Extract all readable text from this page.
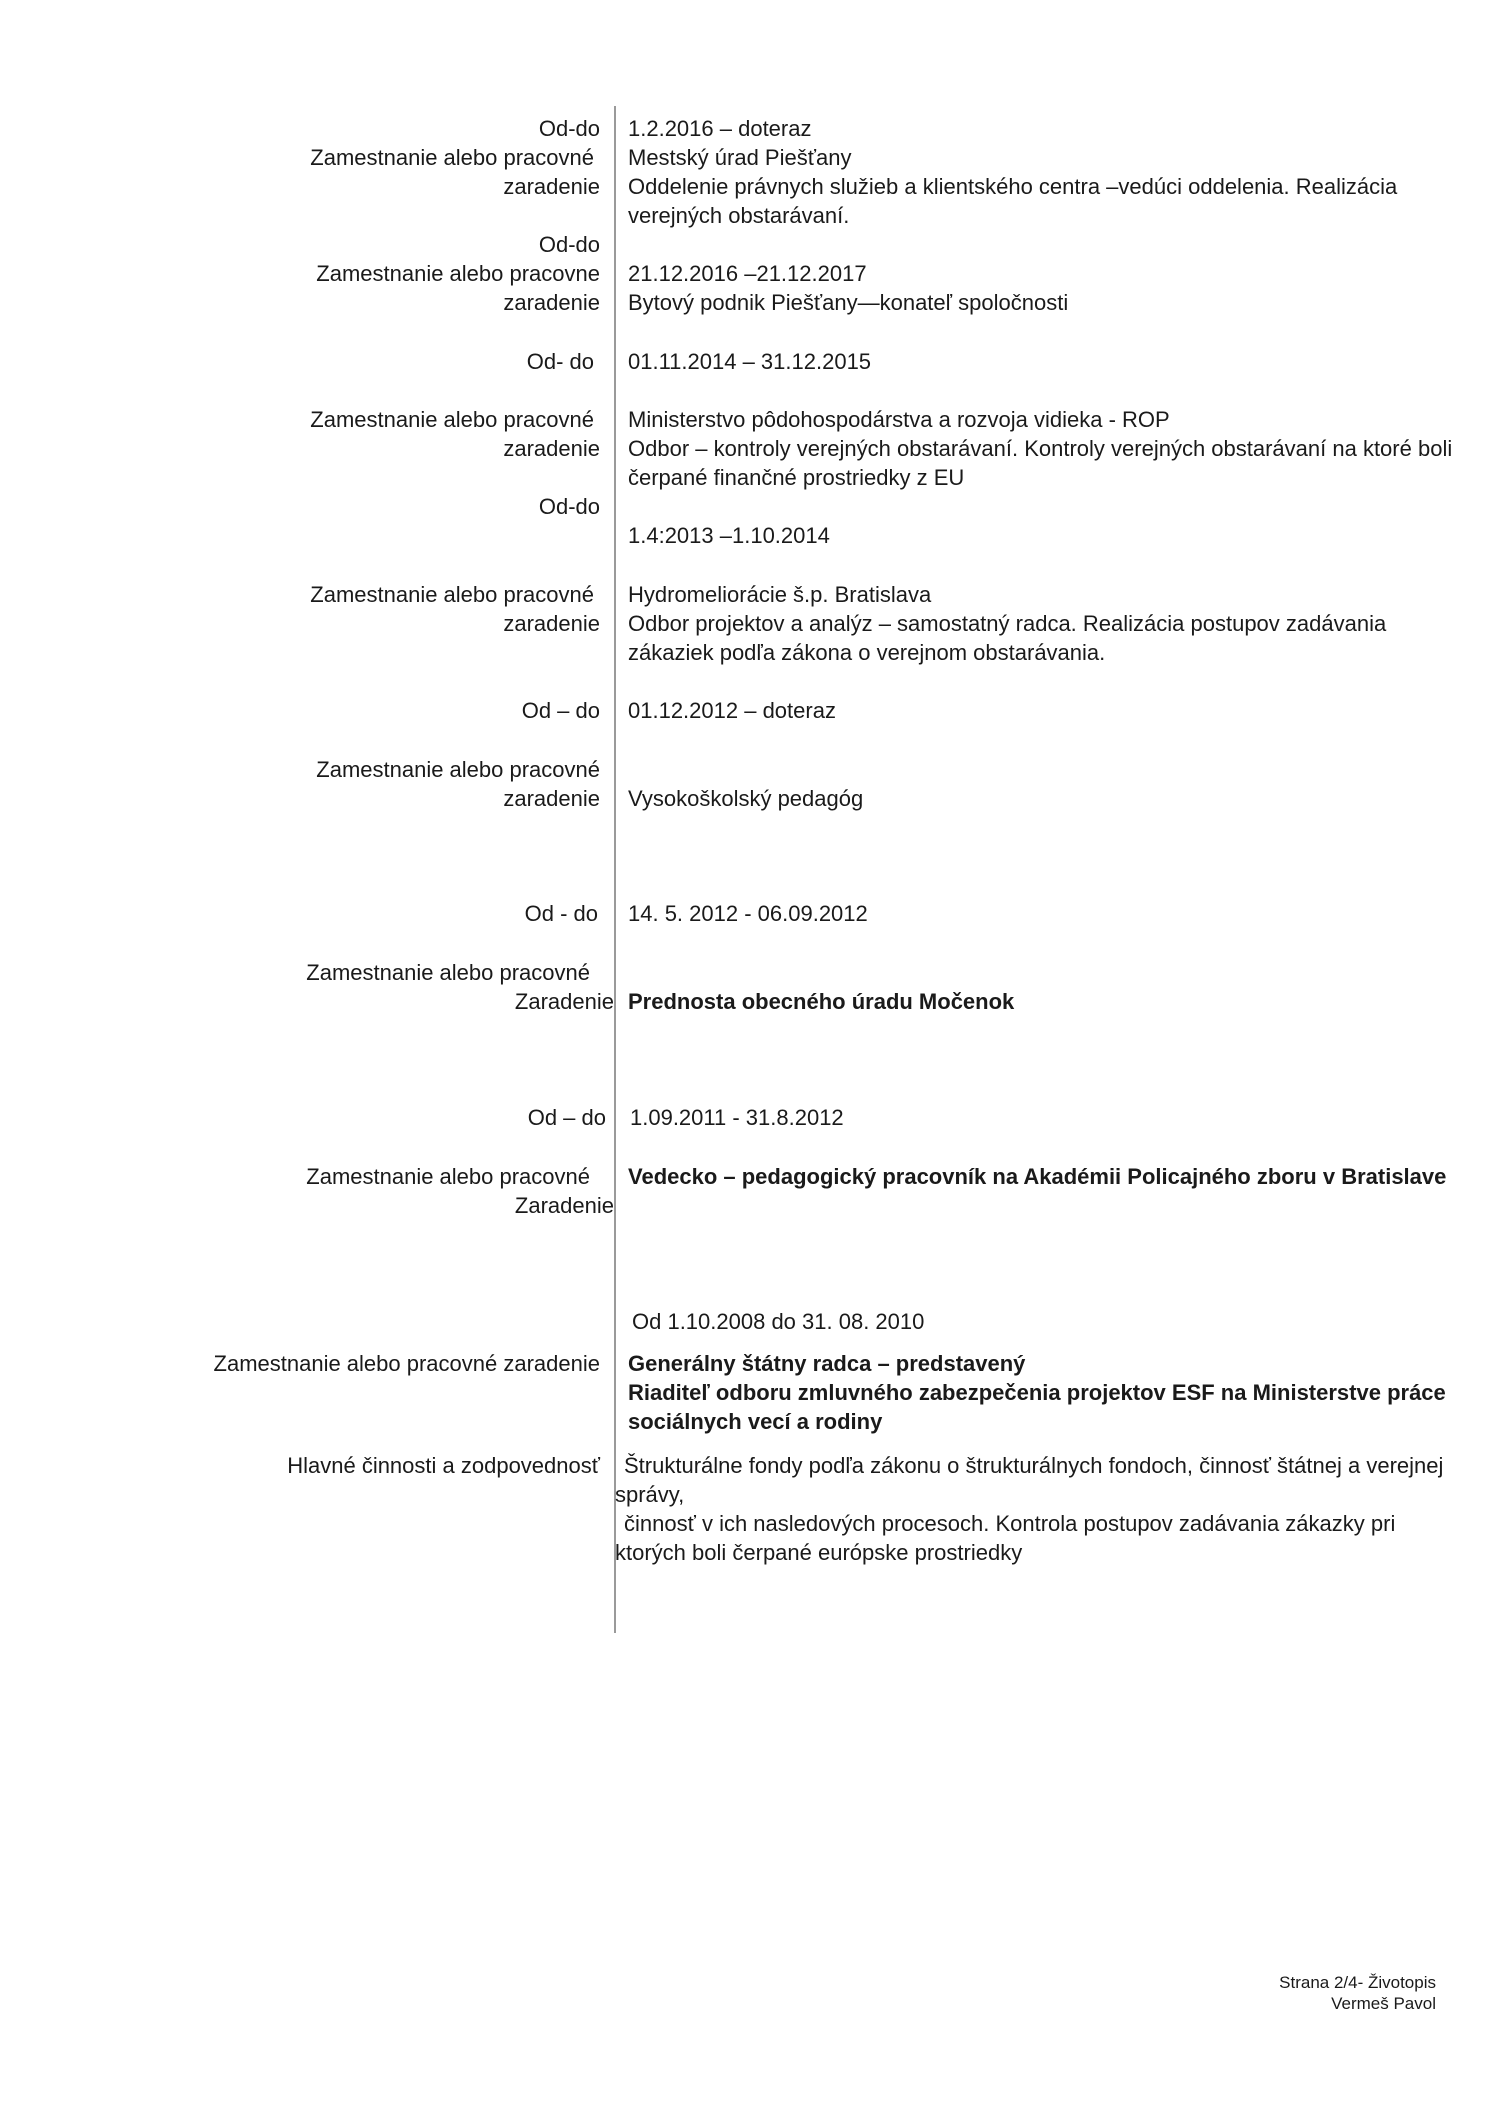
Od-do 1.2.2016 – doteraz
Zamestnanie alebo pracovné Mestský úrad Piešťany
zaradenie Oddelenie právnych služieb a klientského centra –vedúci oddelenia. Realizácia
verejných obstarávaní.
Od-do
Zamestnanie alebo pracovne 21.12.2016 –21.12.2017
zaradenie Bytový podnik Piešťany—konateľ spoločnosti
Od- do 01.11.2014 – 31.12.2015
Zamestnanie alebo pracovné Ministerstvo pôdohospodárstva a rozvoja vidieka - ROP
zaradenie Odbor – kontroly verejných obstarávaní. Kontroly verejných obstarávaní na ktoré boli
čerpané finančné prostriedky z EU
Od-do
1.4:2013 –1.10.2014
Zamestnanie alebo pracovné Hydromeliorácie š.p. Bratislava
zaradenie Odbor projektov a analýz – samostatný radca. Realizácia postupov zadávania
zákaziek podľa zákona o verejnom obstarávania.
Od – do 01.12.2012 – doteraz
Zamestnanie alebo pracovné
zaradenie Vysokoškolský pedagóg
Od - do 14. 5. 2012 - 06.09.2012
Zamestnanie alebo pracovné
Zaradenie Prednosta obecného úradu Močenok
Od – do 1.09.2011 - 31.8.2012
Zamestnanie alebo pracovné Vedecko – pedagogický pracovník na Akadémii Policajného zboru v Bratislave
Zaradenie
Od 1.10.2008 do 31. 08. 2010
Zamestnanie alebo pracovné zaradenie Generálny štátny radca – predstavený
Riaditeľ odboru zmluvného zabezpečenia projektov ESF na Ministerstve práce
sociálnych vecí a rodiny
Hlavné činnosti a zodpovednosť Štrukturálne fondy podľa zákonu o štrukturálnych fondoch, činnosť štátnej a verejnej
správy,
činnosť v ich nasledových procesoch. Kontrola postupov zadávania zákazky pri
ktorých boli čerpané európske prostriedky
Strana 2/4- Životopis
Vermeš Pavol
